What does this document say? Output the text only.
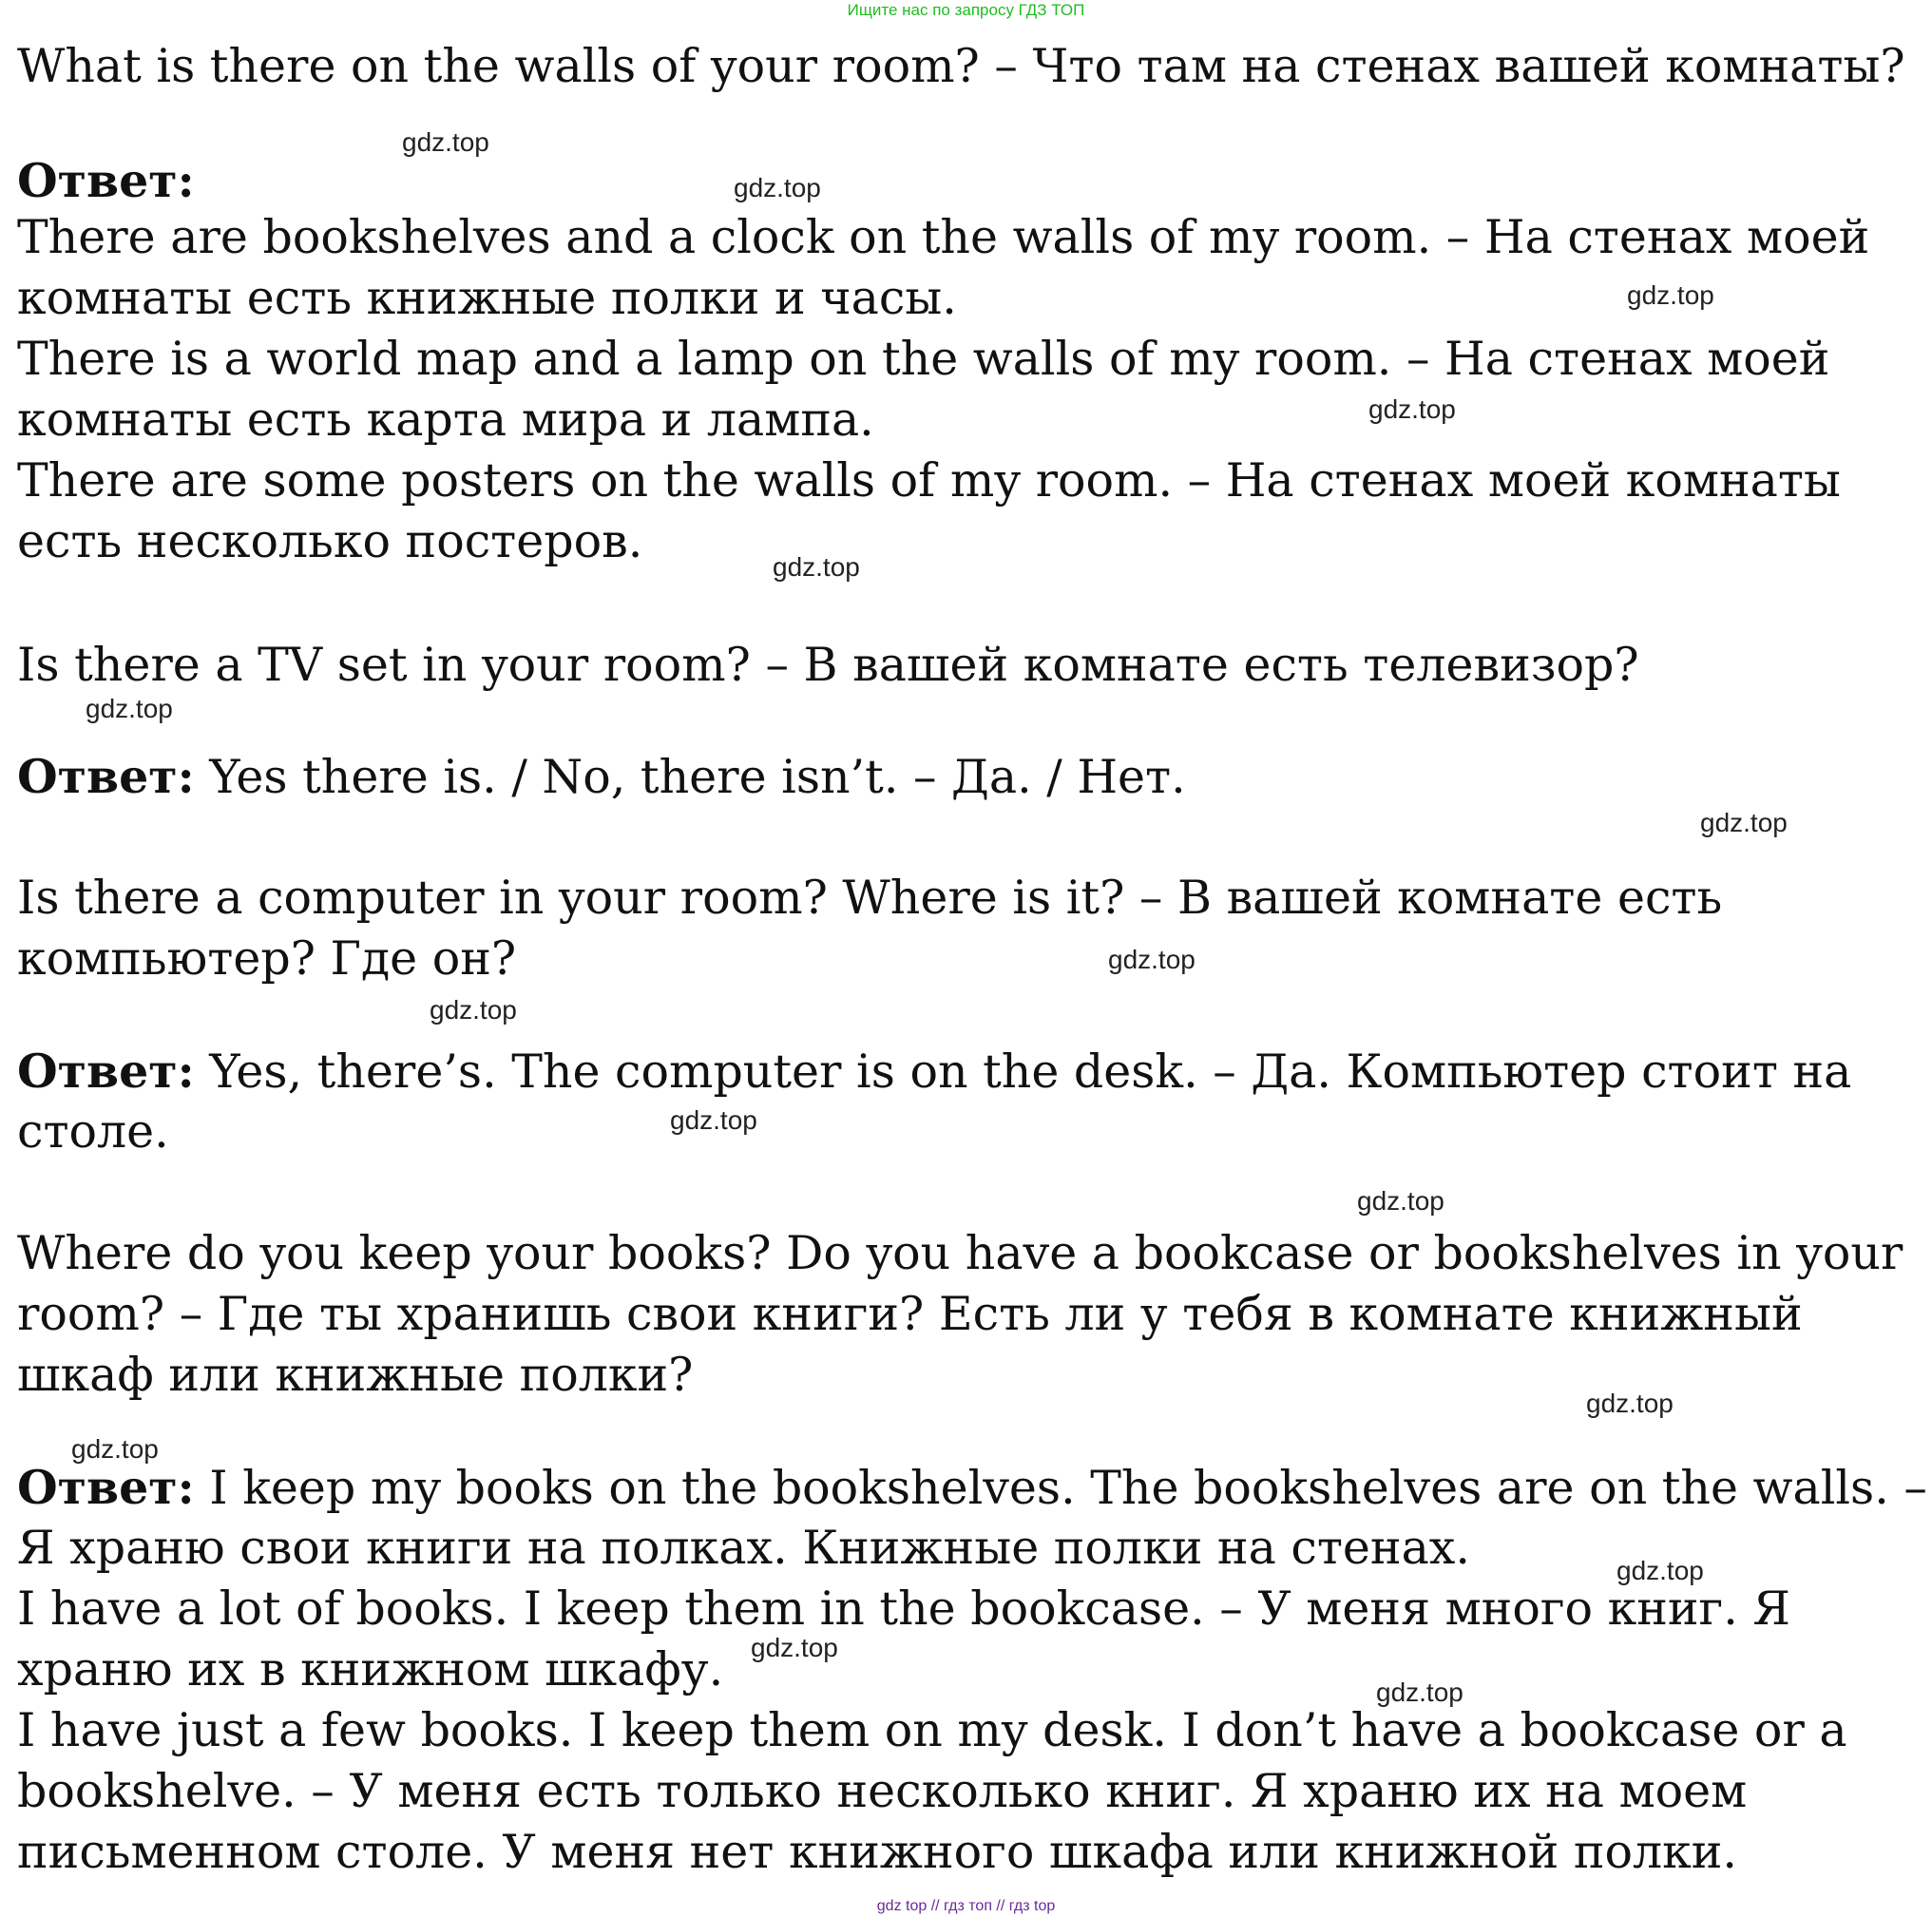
Ищите нас по запросу ГДЗ ТОП
What is there on the walls of your room? – Что там на стенах вашей комнаты?
Ответ:
There are bookshelves and a clock on the walls of my room. – На стенах моей
комнаты есть книжные полки и часы.
There is a world map and a lamp on the walls of my room. – На стенах моей
комнаты есть карта мира и лампа.
There are some posters on the walls of my room. – На стенах моей комнаты
есть несколько постеров.
Is there a TV set in your room? – В вашей комнате есть телевизор?
Ответ: Yes there is. / No, there isn’t. – Да. / Нет.
Is there a computer in your room? Where is it? – В вашей комнате есть
компьютер? Где он?
Ответ: Yes, there’s. The computer is on the desk. – Да. Компьютер стоит на
столе.
Where do you keep your books? Do you have a bookcase or bookshelves in your
room? – Где ты хранишь свои книги? Есть ли у тебя в комнате книжный
шкаф или книжные полки?
Ответ: I keep my books on the bookshelves. The bookshelves are on the walls. –
Я храню свои книги на полках. Книжные полки на стенах.
I have a lot of books. I keep them in the bookcase. – У меня много книг. Я
храню их в книжном шкафу.
I have just a few books. I keep them on my desk. I don’t have a bookcase or a
bookshelve. – У меня есть только несколько книг. Я храню их на моем
письменном столе. У меня нет книжного шкафа или книжной полки.
gdz.top
gdz.top
gdz.top
gdz.top
gdz.top
gdz.top
gdz.top
gdz.top
gdz.top
gdz.top
gdz.top
gdz.top
gdz.top
gdz.top
gdz.top
gdz.top
gdz top // гдз топ // гдз top
